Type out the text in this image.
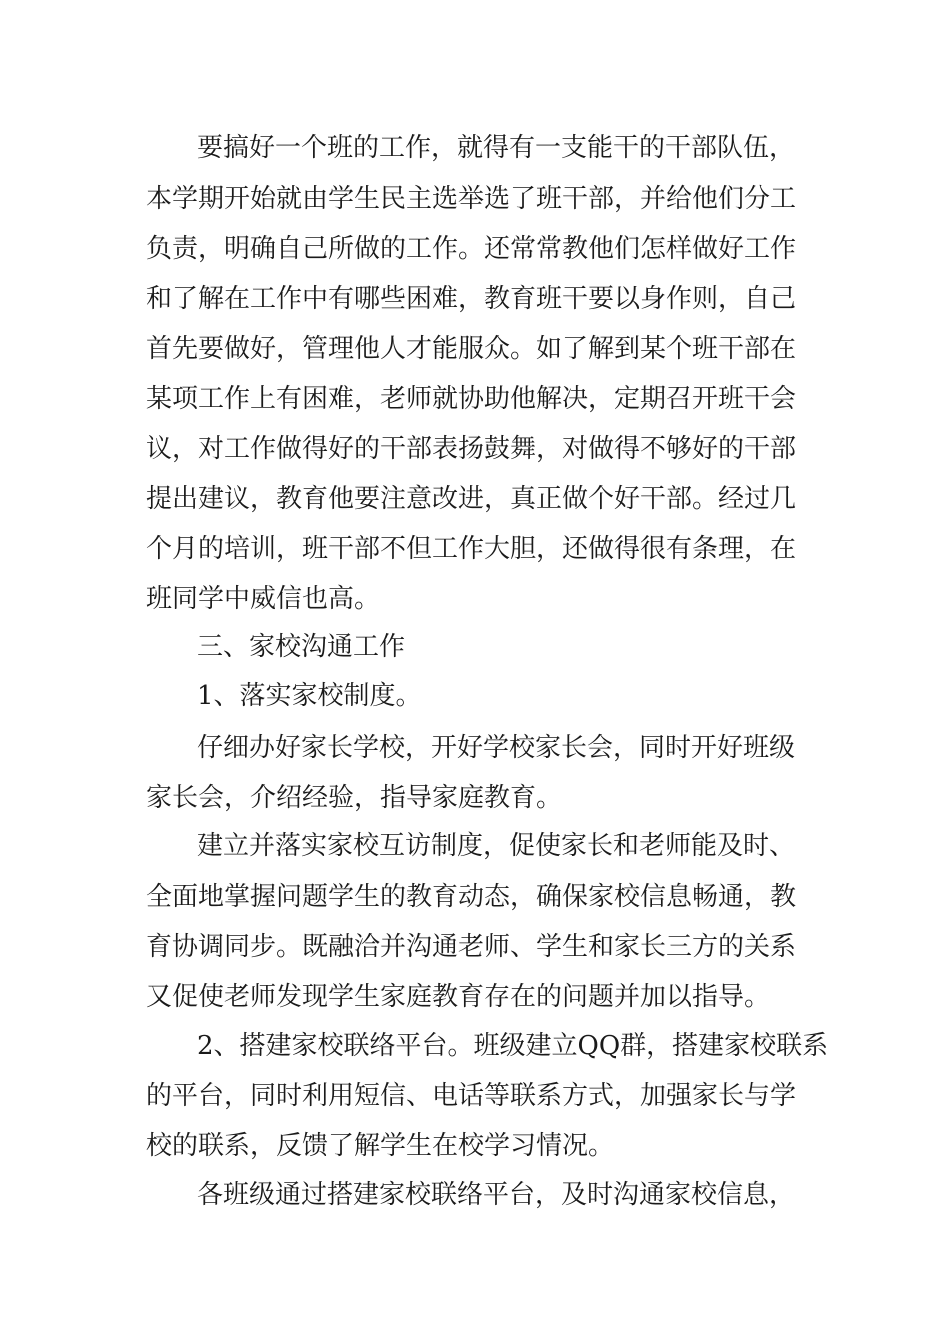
要搞好一个班的工作，就得有一支能干的干部队伍，
本学期开始就由学生民主选举选了班干部，并给他们分工
负责，明确自己所做的工作。还常常教他们怎样做好工作
和了解在工作中有哪些困难，教育班干要以身作则，自己
首先要做好，管理他人才能服众。如了解到某个班干部在
某项工作上有困难，老师就协助他解决，定期召开班干会
议，对工作做得好的干部表扬鼓舞，对做得不够好的干部
提出建议，教育他要注意改进，真正做个好干部。经过几
个月的培训，班干部不但工作大胆，还做得很有条理，在
班同学中威信也高。
三、家校沟通工作
1、落实家校制度。
仔细办好家长学校，开好学校家长会，同时开好班级
家长会，介绍经验，指导家庭教育。
建立并落实家校互访制度，促使家长和老师能及时、
全面地掌握问题学生的教育动态，确保家校信息畅通，教
育协调同步。既融洽并沟通老师、学生和家长三方的关系
又促使老师发现学生家庭教育存在的问题并加以指导。
2、搭建家校联络平台。班级建立QQ群，搭建家校联系
的平台，同时利用短信、电话等联系方式，加强家长与学
校的联系，反馈了解学生在校学习情况。
各班级通过搭建家校联络平台，及时沟通家校信息，
